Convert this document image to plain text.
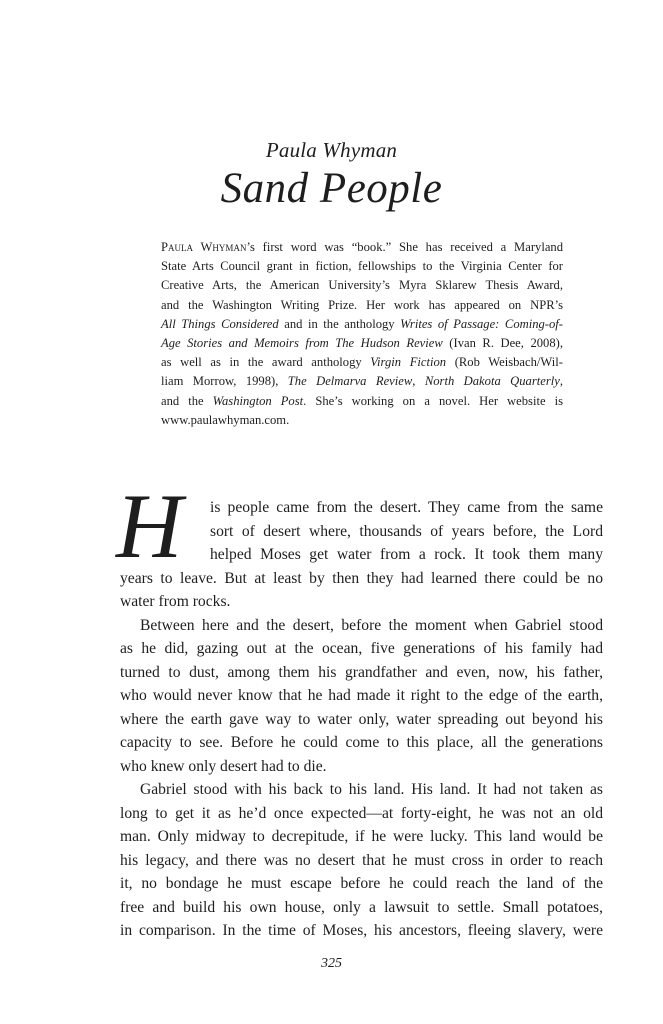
Paula Whyman
Sand People
Paula Whyman’s first word was “book.” She has received a Maryland
State Arts Council grant in fiction, fellowships to the Virginia Center for
Creative Arts, the American University’s Myra Sklarew Thesis Award,
and the Washington Writing Prize. Her work has appeared on NPR’s
All Things Considered and in the anthology Writes of Passage: Coming-of-
Age Stories and Memoirs from The Hudson Review (Ivan R. Dee, 2008),
as well as in the award anthology Virgin Fiction (Rob Weisbach/Wil-
liam Morrow, 1998), The Delmarva Review, North Dakota Quarterly,
and the Washington Post. She’s working on a novel. Her website is
www.paulawhyman.com.
H	is people came from the desert. They came from the same
sort of desert where, thousands of years before, the Lord
helped Moses get water from a rock. It took them many
years to leave. But at least by then they had learned there could be no
water from rocks.
Between here and the desert, before the moment when Gabriel stood
as he did, gazing out at the ocean, five generations of his family had
turned to dust, among them his grandfather and even, now, his father,
who would never know that he had made it right to the edge of the earth,
where the earth gave way to water only, water spreading out beyond his
capacity to see. Before he could come to this place, all the generations
who knew only desert had to die.
Gabriel stood with his back to his land. His land. It had not taken as
long to get it as he’d once expected—at forty-eight, he was not an old
man. Only midway to decrepitude, if he were lucky. This land would be
his legacy, and there was no desert that he must cross in order to reach
it, no bondage he must escape before he could reach the land of the
free and build his own house, only a lawsuit to settle. Small potatoes,
in comparison. In the time of Moses, his ancestors, fleeing slavery, were
325
